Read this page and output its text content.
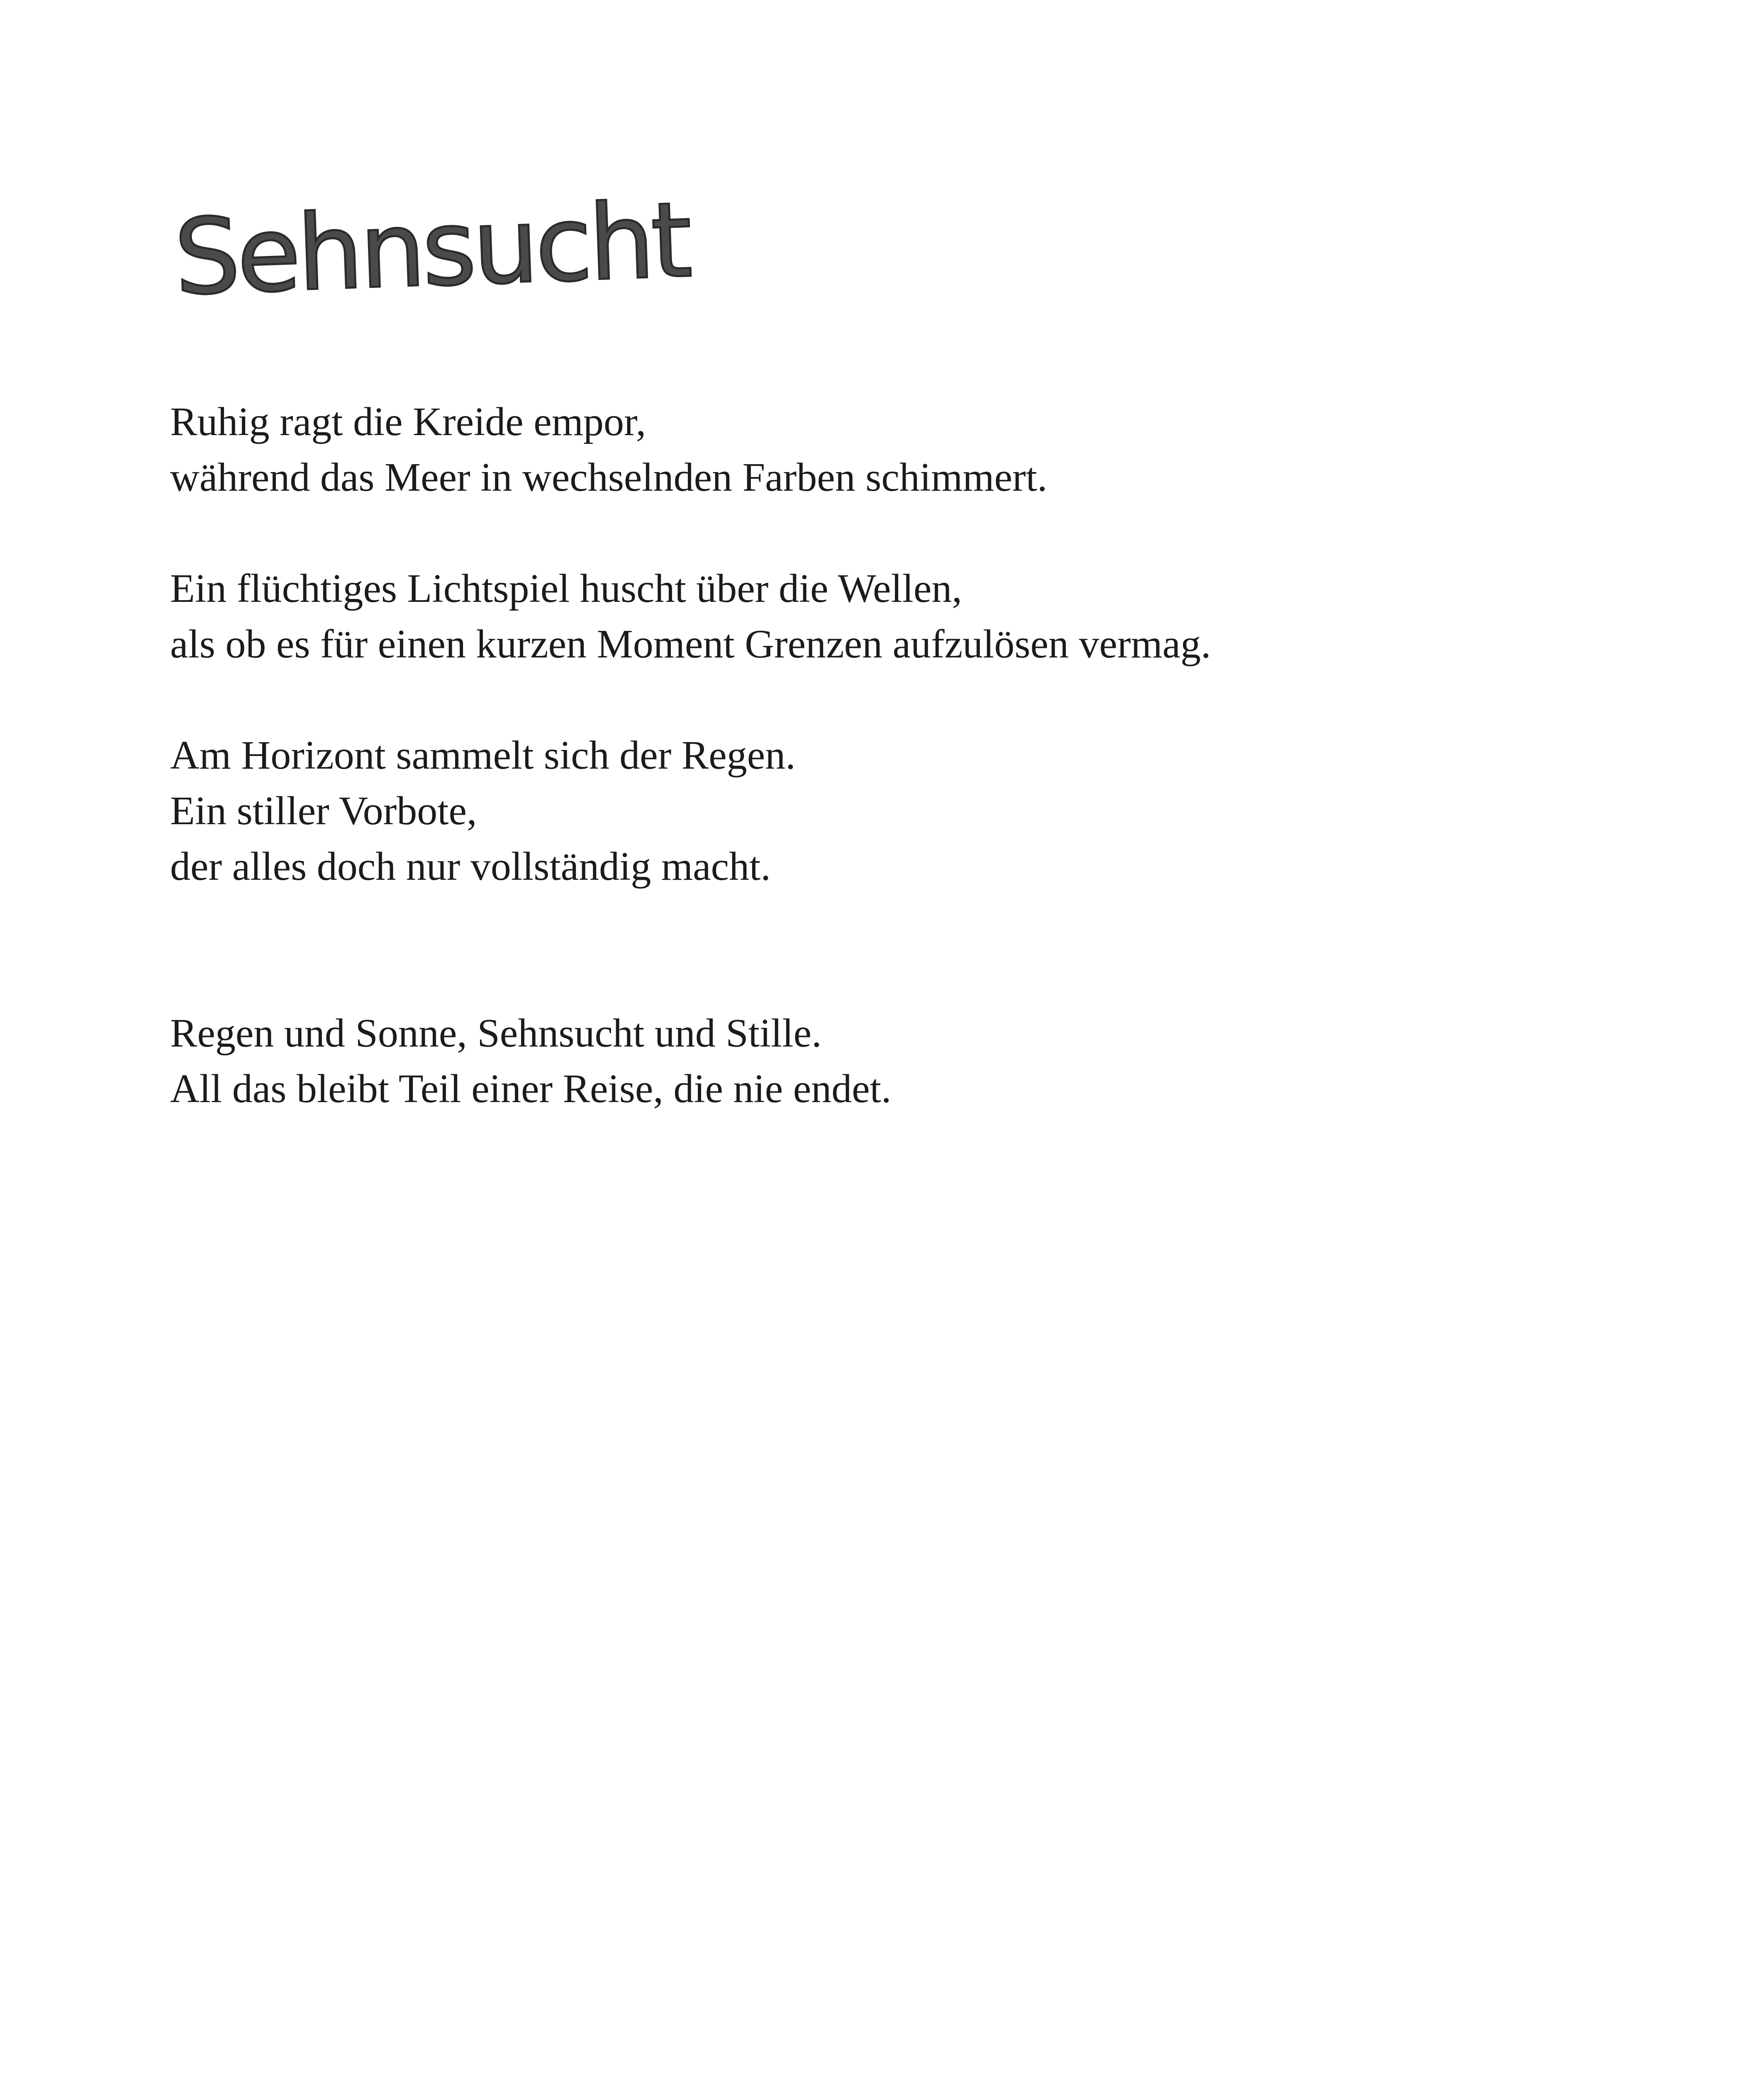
Sehnsucht
Ruhig ragt die Kreide empor,
während das Meer in wechselnden Farben schimmert.
Ein flüchtiges Lichtspiel huscht über die Wellen,
als ob es für einen kurzen Moment Grenzen aufzulösen vermag.
Am Horizont sammelt sich der Regen.
Ein stiller Vorbote,
der alles doch nur vollständig macht.
Regen und Sonne, Sehnsucht und Stille.
All das bleibt Teil einer Reise, die nie endet.
